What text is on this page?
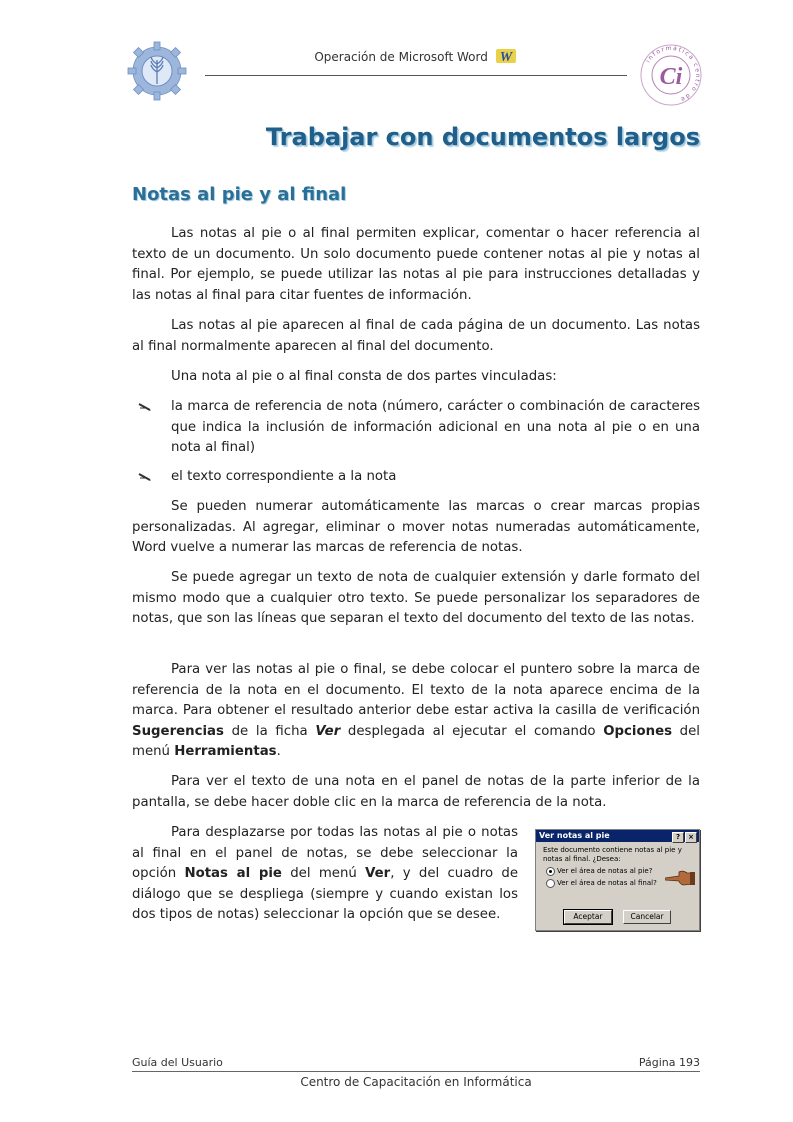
Operación de Microsoft Word W
Ci
informática centro de
Trabajar con documentos largos
Notas al pie y al final

Las notas al pie o al final permiten explicar, comentar o hacer referencia al texto de un documento. Un solo documento puede contener notas al pie y notas al final. Por ejemplo, se puede utilizar las notas al pie para instrucciones detalladas y las notas al final para citar fuentes de información.

Las notas al pie aparecen al final de cada página de un documento. Las notas al final normalmente aparecen al final del documento.

Una nota al pie o al final consta de dos partes vinculadas:

la marca de referencia de nota (número, carácter o combinación de caracteres que indica la inclusión de información adicional en una nota al pie o en una nota al final)
el texto correspondiente a la nota

Se pueden numerar automáticamente las marcas o crear marcas propias personalizadas. Al agregar, eliminar o mover notas numeradas automáticamente, Word vuelve a numerar las marcas de referencia de notas.

Se puede agregar un texto de nota de cualquier extensión y darle formato del mismo modo que a cualquier otro texto. Se puede personalizar los separadores de notas, que son las líneas que separan el texto del documento del texto de las notas.

Para ver las notas al pie o final, se debe colocar el puntero sobre la marca de referencia de la nota en el documento. El texto de la nota aparece encima de la marca. Para obtener el resultado anterior debe estar activa la casilla de verificación Sugerencias de la ficha Ver desplegada al ejecutar el comando Opciones del menú Herramientas.

Para ver el texto de una nota en el panel de notas de la parte inferior de la pantalla, se debe hacer doble clic en la marca de referencia de la nota.

Para desplazarse por todas las notas al pie o notas al final en el panel de notas, se debe seleccionar la opción Notas al pie del menú Ver, y del cuadro de diálogo que se despliega (siempre y cuando existan los dos tipos de notas) seleccionar la opción que se desee.

Ver notas al pie	? ×
Este documento contiene notas al pie y notas al final. ¿Desea:
Ver el área de notas al pie?
Ver el área de notas al final?
Aceptar	Cancelar
Guía del Usuario	Página 193
Centro de Capacitación en Informática
